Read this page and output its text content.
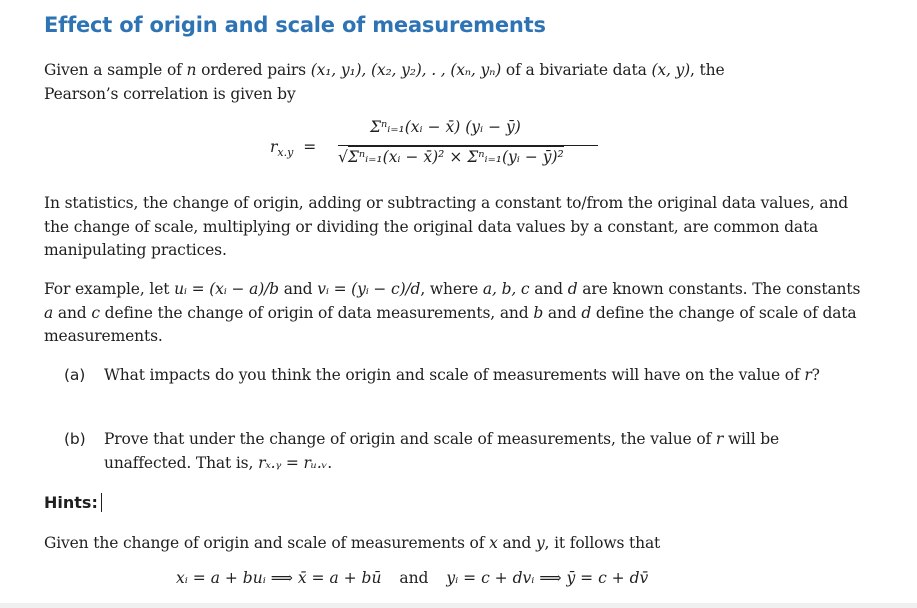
Effect of origin and scale of measurements
Given a sample of n ordered pairs (x₁, y₁), (x₂, y₂), . , (xₙ, yₙ) of a bivariate data (x, y), the
Pearson’s correlation is given by
$r_{x.y}$ =
Σⁿᵢ₌₁(xᵢ − x̄) (yᵢ − ȳ)
√Σⁿᵢ₌₁(xᵢ − x̄)² × Σⁿᵢ₌₁(yᵢ − ȳ)²
In statistics, the change of origin, adding or subtracting a constant to/from the original data values, and the change of scale, multiplying or dividing the original data values by a constant, are common data manipulating practices.
For example, let uᵢ = (xᵢ − a)/b and vᵢ = (yᵢ − c)/d, where a, b, c and d are known constants. The constants a and c define the change of origin of data measurements, and b and d define the change of scale of data measurements.
(a) What impacts do you think the origin and scale of measurements will have on the value of r?
(b) Prove that under the change of origin and scale of measurements, the value of r will be unaffected. That is, rₓ.ᵧ = rᵤ.ᵥ.
Hints:
Given the change of origin and scale of measurements of x and y, it follows that
xᵢ = a + buᵢ ⟹ x̄ = a + bū and yᵢ = c + dvᵢ ⟹ ȳ = c + dv̄
